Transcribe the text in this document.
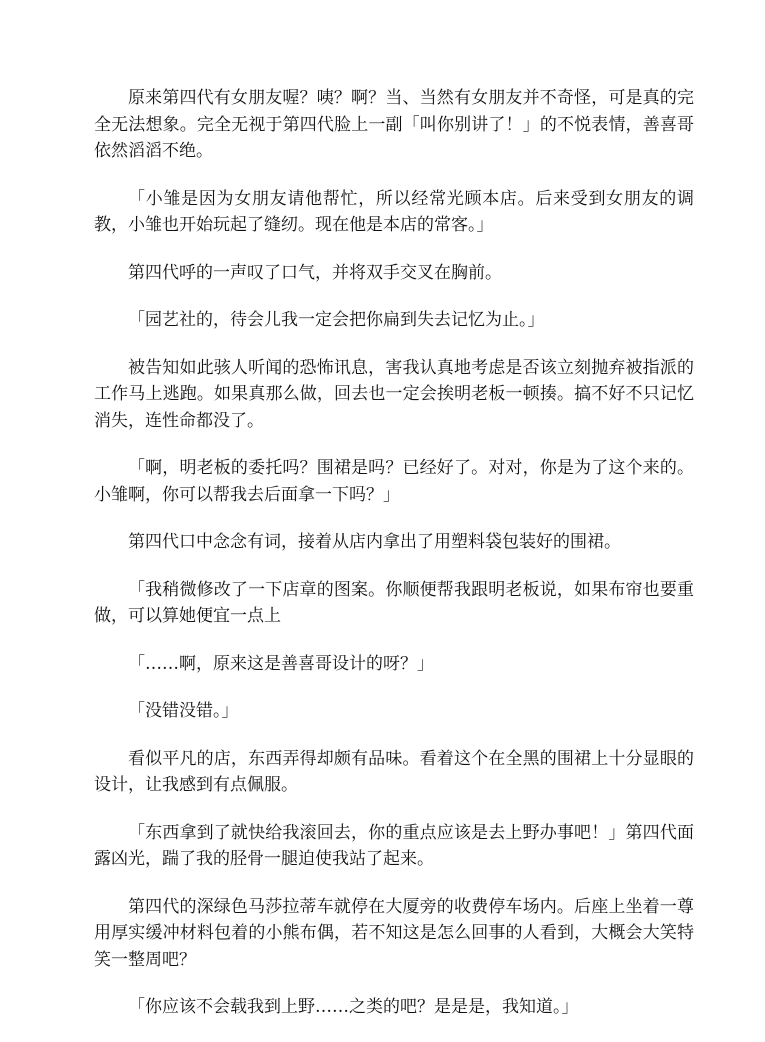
原来第四代有女朋友喔？咦？啊？当、当然有女朋友并不奇怪，可是真的完全无法想象。完全无视于第四代脸上一副「叫你别讲了！」的不悦表情，善喜哥依然滔滔不绝。

「小雏是因为女朋友请他帮忙，所以经常光顾本店。后来受到女朋友的调教，小雏也开始玩起了缝纫。现在他是本店的常客。」

第四代呼的一声叹了口气，并将双手交叉在胸前。

「园艺社的，待会儿我一定会把你扁到失去记忆为止。」

被告知如此骇人听闻的恐怖讯息，害我认真地考虑是否该立刻抛弃被指派的工作马上逃跑。如果真那么做，回去也一定会挨明老板一顿揍。搞不好不只记忆消失，连性命都没了。

「啊，明老板的委托吗？围裙是吗？已经好了。对对，你是为了这个来的。小雏啊，你可以帮我去后面拿一下吗？」

第四代口中念念有词，接着从店内拿出了用塑料袋包装好的围裙。

「我稍微修改了一下店章的图案。你顺便帮我跟明老板说，如果布帘也要重做，可以算她便宜一点上

「……啊，原来这是善喜哥设计的呀？」

「没错没错。」

看似平凡的店，东西弄得却颇有品味。看着这个在全黑的围裙上十分显眼的设计，让我感到有点佩服。

「东西拿到了就快给我滚回去，你的重点应该是去上野办事吧！」第四代面露凶光，踹了我的胫骨一腿迫使我站了起来。

第四代的深绿色马莎拉蒂车就停在大厦旁的收费停车场内。后座上坐着一尊用厚实缓冲材料包着的小熊布偶，若不知这是怎么回事的人看到，大概会大笑特笑一整周吧？

「你应该不会载我到上野……之类的吧？是是是，我知道。」
